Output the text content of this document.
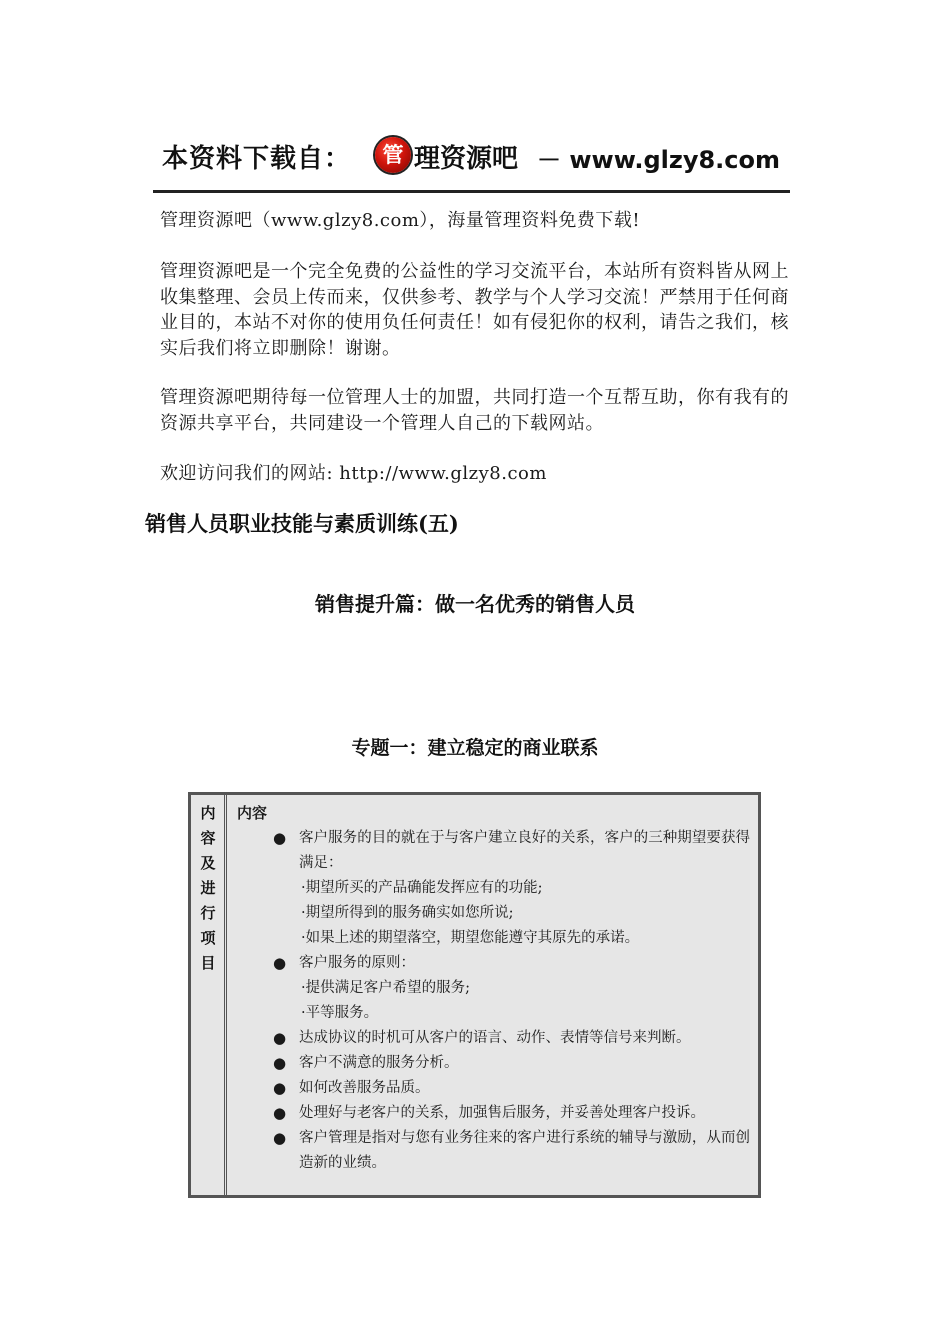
本资料下载自：	管 理资源吧 － www.glzy8.com

管理资源吧（www.glzy8.com），海量管理资料免费下载!

管理资源吧是一个完全免费的公益性的学习交流平台，本站所有资料皆从网上收集整理、会员上传而来，仅供参考、教学与个人学习交流！严禁用于任何商业目的，本站不对你的使用负任何责任！如有侵犯你的权利，请告之我们，核实后我们将立即删除！谢谢。

管理资源吧期待每一位管理人士的加盟，共同打造一个互帮互助，你有我有的资源共享平台，共同建设一个管理人自己的下载网站。

欢迎访问我们的网站: http://www.glzy8.com

销售人员职业技能与素质训练(五)
销售提升篇：做一名优秀的销售人员
专题一：建立稳定的商业联系
内
容
及
进
行
项
目
内容
● 客户服务的目的就在于与客户建立良好的关系，客户的三种期望要获得满足：
·期望所买的产品确能发挥应有的功能;
·期望所得到的服务确实如您所说;
·如果上述的期望落空，期望您能遵守其原先的承诺。
● 客户服务的原则：
·提供满足客户希望的服务;
·平等服务。
● 达成协议的时机可从客户的语言、动作、表情等信号来判断。
● 客户不满意的服务分析。
● 如何改善服务品质。
● 处理好与老客户的关系，加强售后服务，并妥善处理客户投诉。
● 客户管理是指对与您有业务往来的客户进行系统的辅导与激励，从而创造新的业绩。
